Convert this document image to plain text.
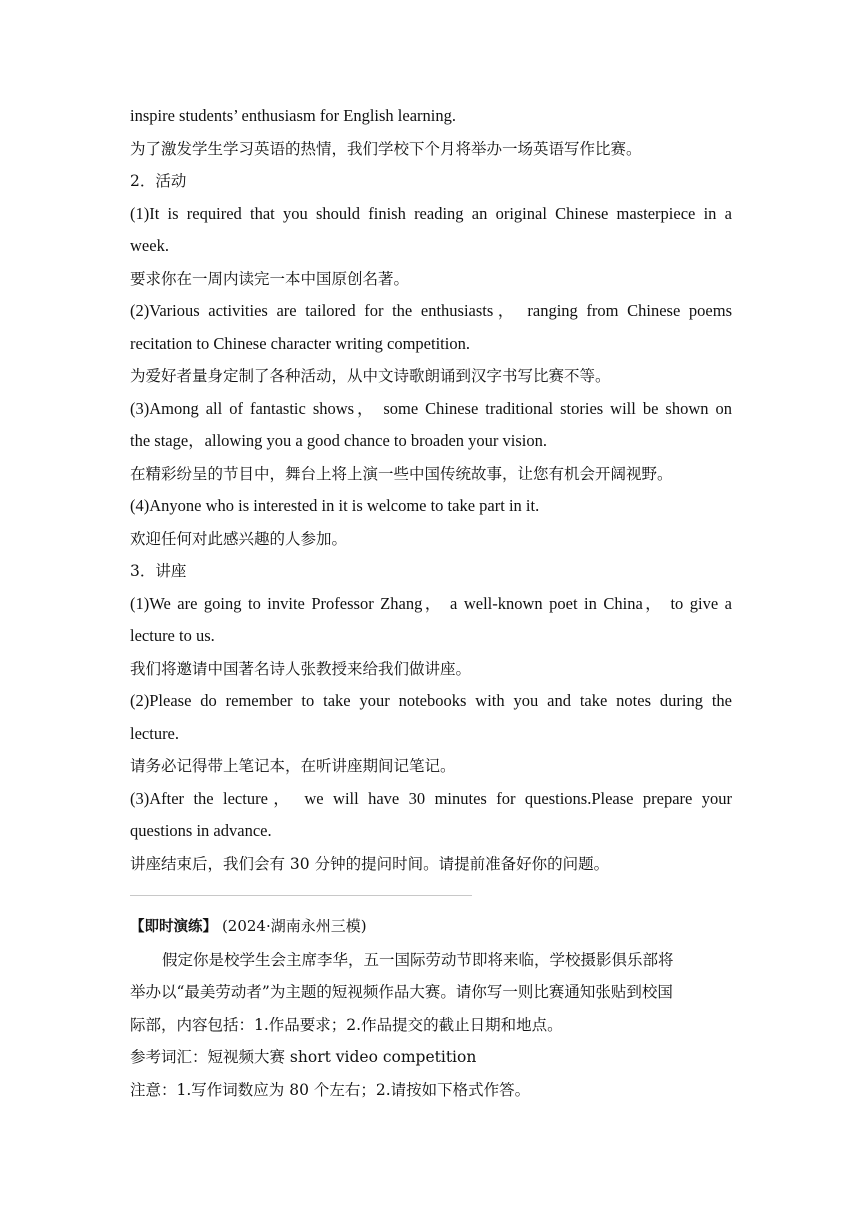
inspire students’ enthusiasm for English learning.

为了激发学生学习英语的热情，我们学校下个月将举办一场英语写作比赛。

2．活动

(1)It is required that you should finish reading an original Chinese masterpiece in a

week.

要求你在一周内读完一本中国原创名著。

(2)Various activities are tailored for the enthusiasts， ranging from Chinese poems

recitation to Chinese character writing competition.

为爱好者量身定制了各种活动，从中文诗歌朗诵到汉字书写比赛不等。

(3)Among all of fantastic shows， some Chinese traditional stories will be shown on

the stage，allowing you a good chance to broaden your vision.

在精彩纷呈的节目中，舞台上将上演一些中国传统故事，让您有机会开阔视野。

(4)Anyone who is interested in it is welcome to take part in it.

欢迎任何对此感兴趣的人参加。

3．讲座

(1)We are going to invite Professor Zhang， a well-known poet in China， to give a

lecture to us.

我们将邀请中国著名诗人张教授来给我们做讲座。

(2)Please do remember to take your notebooks with you and take notes during the

lecture.

请务必记得带上笔记本，在听讲座期间记笔记。

(3)After the lecture， we will have 30 minutes for questions.Please prepare your

questions in advance.

讲座结束后，我们会有 30 分钟的提问时间。请提前准备好你的问题。

【即时演练】 (2024·湖南永州三模)

假定你是校学生会主席李华，五一国际劳动节即将来临，学校摄影俱乐部将

举办以“最美劳动者”为主题的短视频作品大赛。请你写一则比赛通知张贴到校国

际部，内容包括：1.作品要求；2.作品提交的截止日期和地点。

参考词汇：短视频大赛 short video competition

注意：1.写作词数应为 80 个左右；2.请按如下格式作答。
